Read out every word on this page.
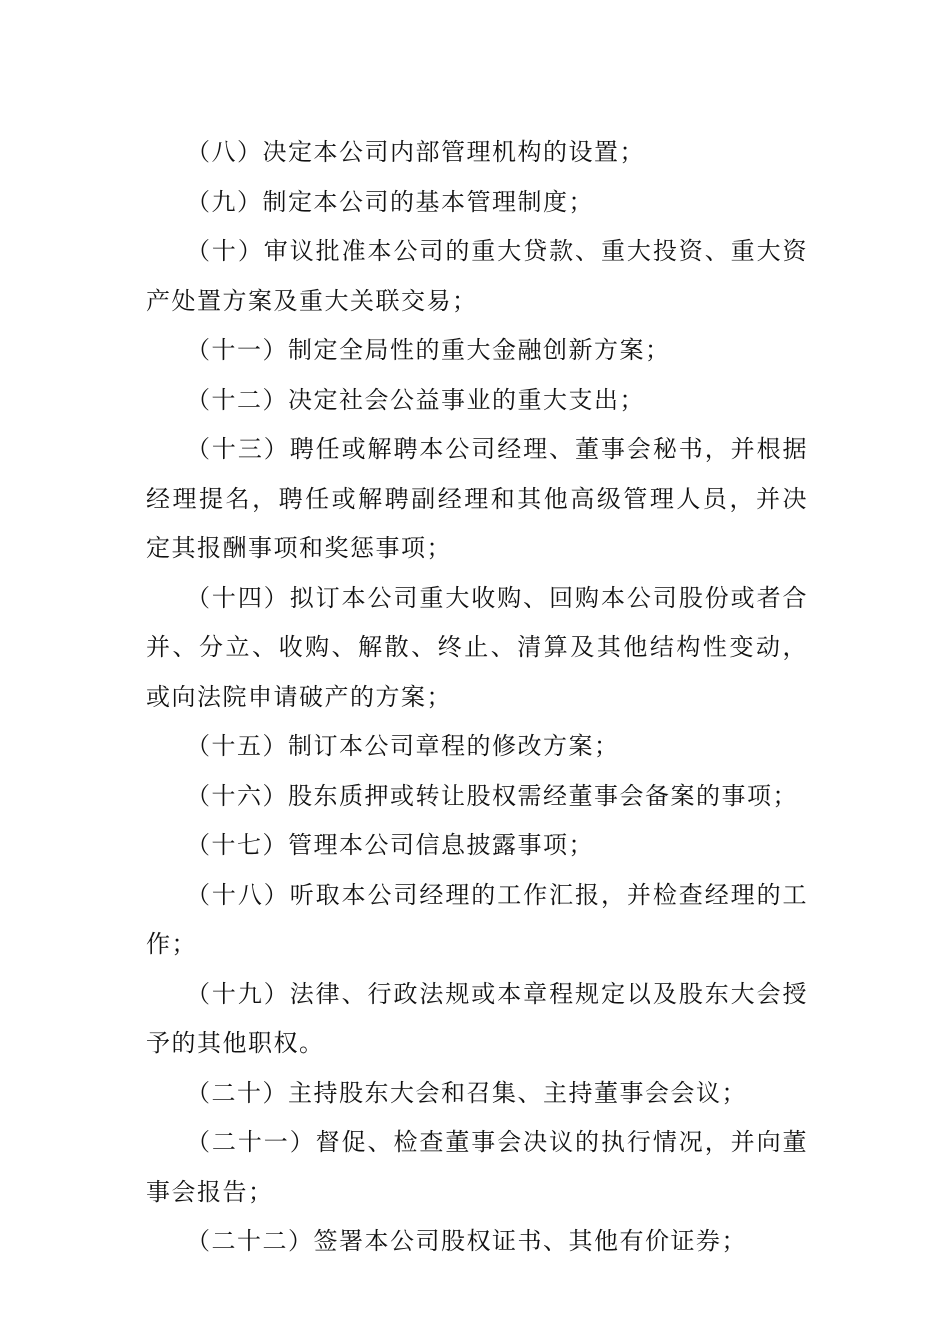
（八）决定本公司内部管理机构的设置；

（九）制定本公司的基本管理制度；

（十）审议批准本公司的重大贷款、重大投资、重大资产处置方案及重大关联交易；

（十一）制定全局性的重大金融创新方案；

（十二）决定社会公益事业的重大支出；

（十三）聘任或解聘本公司经理、董事会秘书，并根据经理提名，聘任或解聘副经理和其他高级管理人员，并决定其报酬事项和奖惩事项；

（十四）拟订本公司重大收购、回购本公司股份或者合并、分立、收购、解散、终止、清算及其他结构性变动，或向法院申请破产的方案；

（十五）制订本公司章程的修改方案；

（十六）股东质押或转让股权需经董事会备案的事项；

（十七）管理本公司信息披露事项；

（十八）听取本公司经理的工作汇报，并检查经理的工作；

（十九）法律、行政法规或本章程规定以及股东大会授予的其他职权。

（二十）主持股东大会和召集、主持董事会会议；

（二十一）督促、检查董事会决议的执行情况，并向董事会报告；

（二十二）签署本公司股权证书、其他有价证券；
